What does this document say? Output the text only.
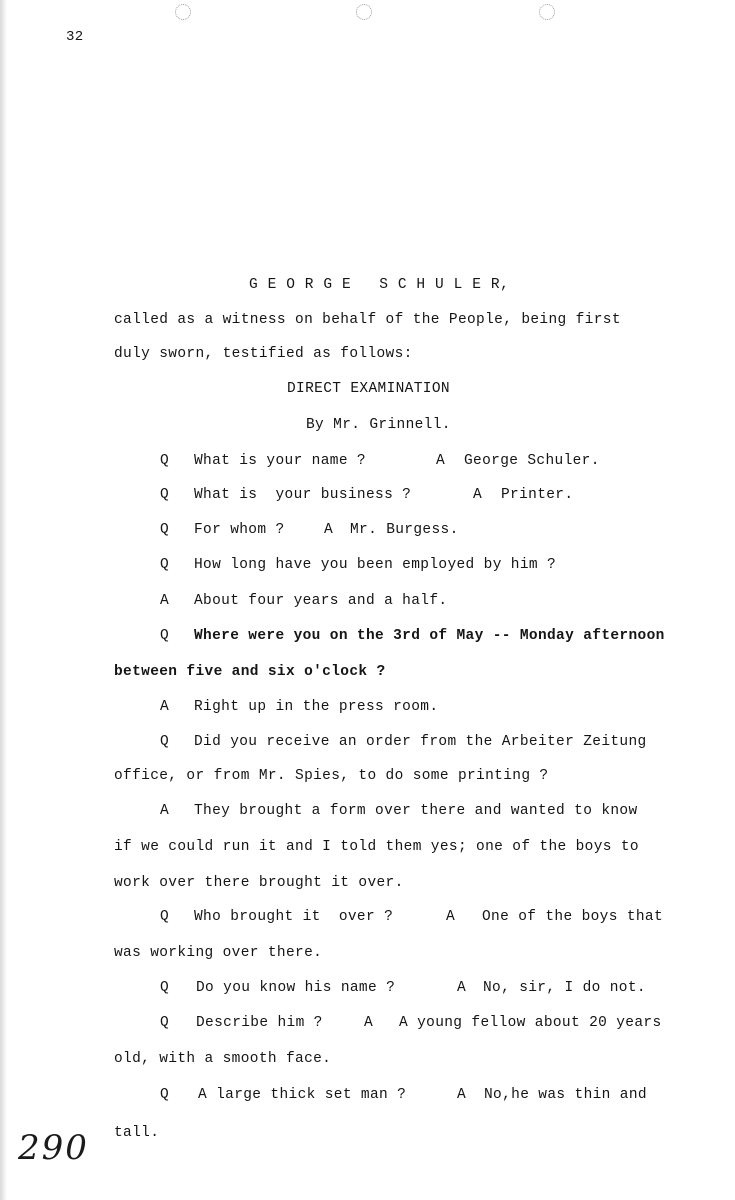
32
G E O R G E   S C H U L E R,
called as a witness on behalf of the People, being first
duly sworn, testified as follows:
DIRECT EXAMINATION
By Mr. Grinnell.
Q What is your name ?	A George Schuler.
Q What is  your business ?	A Printer.
Q For whom ?	A Mr. Burgess.
Q How long have you been employed by him ?
A About four years and a half.
Q Where were you on the 3rd of May -- Monday afternoon
between five and six o'clock ?
A Right up in the press room.
Q Did you receive an order from the Arbeiter Zeitung
office, or from Mr. Spies, to do some printing ?
A They brought a form over there and wanted to know
if we could run it and I told them yes; one of the boys to
work over there brought it over.
Q Who brought it  over ?	A One of the boys that
was working over there.
Q Do you know his name ?	A No, sir, I do not.
Q Describe him ?	A A young fellow about 20 years
old, with a smooth face.
Q A large thick set man ?	A No,he was thin and
tall.
290
